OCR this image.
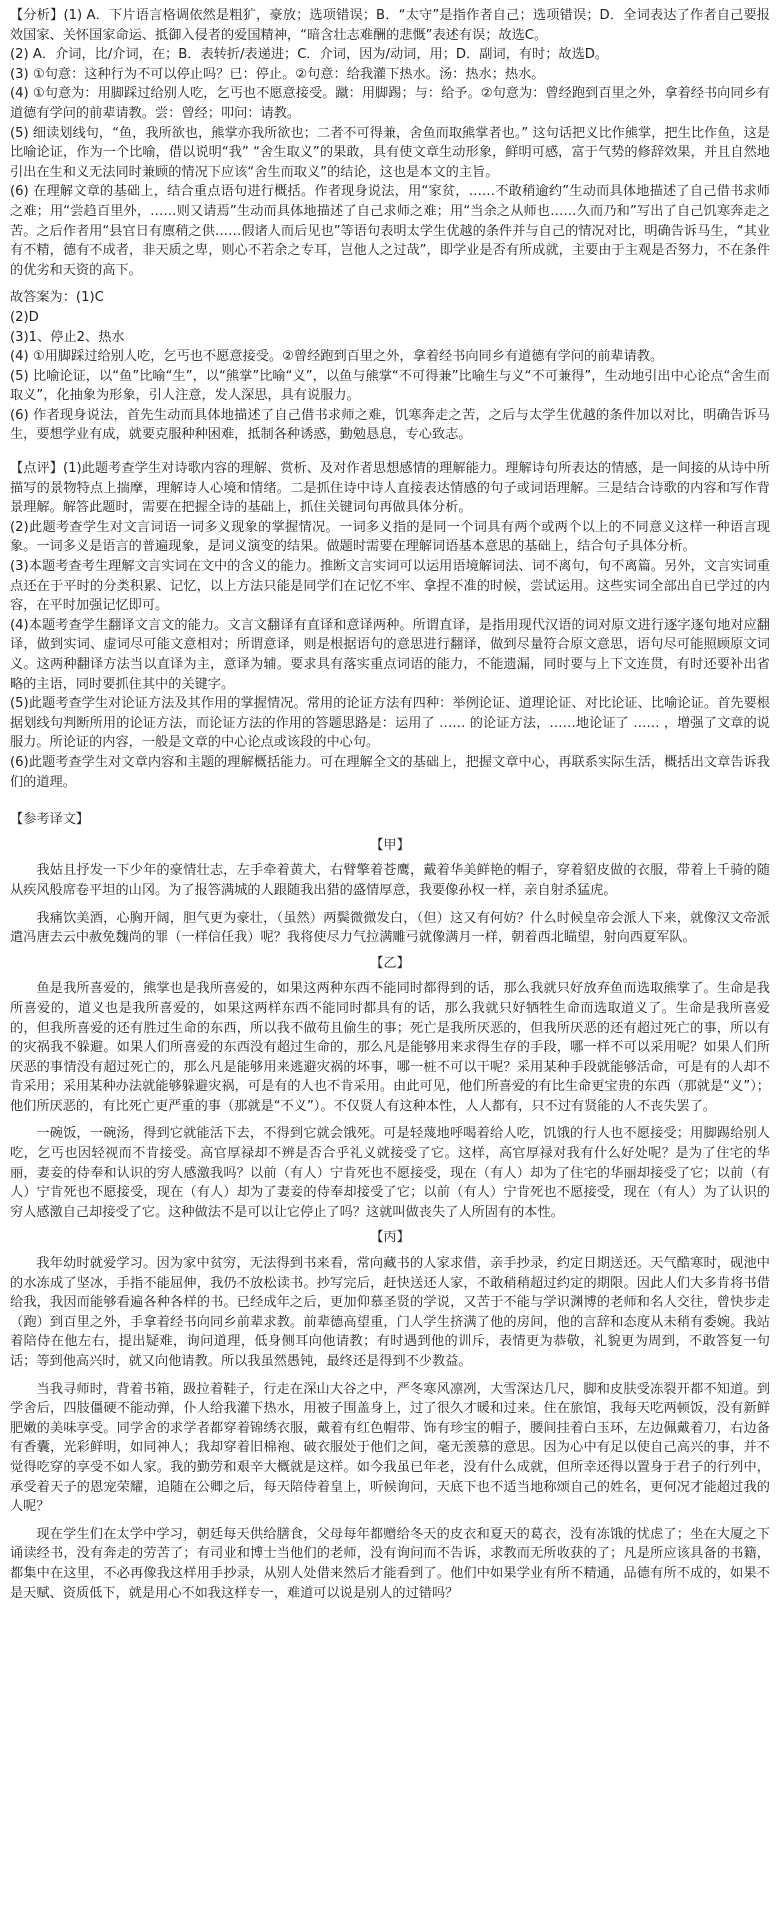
【分析】(1) A．下片语言格调依然是粗犷，豪放；选项错误；B．“太守”是指作者自己；选项错误；D．全词表达了作者自己要报效国家、关怀国家命运、抵御入侵者的爱国精神，“暗含壮志难酬的悲慨”表述有误；故选C。

(2) A．介词，比/介词，在；B．表转折/表递进；C．介词，因为/动词，用；D．副词，有时；故选D。

(3) ①句意：这种行为不可以停止吗？已：停止。②句意：给我灌下热水。汤：热水；热水。

(4) ①句意为：用脚踩过给别人吃，乞丐也不愿意接受。蹴：用脚踢；与：给予。②句意为：曾经跑到百里之外，拿着经书向同乡有道德有学问的前辈请教。尝：曾经；叩问：请教。

(5) 细读划线句，“鱼，我所欲也，熊掌亦我所欲也；二者不可得兼，舍鱼而取熊掌者也。” 这句话把义比作熊掌，把生比作鱼，这是比喻论证，作为一个比喻，借以说明“我” “舍生取义”的果敢，具有使文章生动形象，鲜明可感，富于气势的修辞效果，并且自然地引出在生和义无法同时兼顾的情况下应该“舍生而取义”的结论，这也是本文的主旨。

(6) 在理解文章的基础上，结合重点语句进行概括。作者现身说法，用“家贫，……不敢稍逾约”生动而具体地描述了自己借书求师之难；用“尝趋百里外，……则又请焉”生动而具体地描述了自己求师之难；用“当余之从师也……久而乃和”写出了自己饥寒奔走之苦。之后作者用“县官日有廪稍之供……假诸人而后见也”等语句表明太学生优越的条件并与自己的情况对比，明确告诉马生，“其业有不精，德有不成者，非天质之卑，则心不若余之专耳，岂他人之过哉”，即学业是否有所成就，主要由于主观是否努力，不在条件的优劣和天资的高下。

故答案为：(1)C

(2)D

(3)1、停止2、热水

(4) ①用脚踩过给别人吃，乞丐也不愿意接受。②曾经跑到百里之外，拿着经书向同乡有道德有学问的前辈请教。

(5) 比喻论证，以“鱼”比喻“生”，以“熊掌”比喻“义”，以鱼与熊掌“不可得兼”比喻生与义“不可兼得”，生动地引出中心论点“舍生而取义”，化抽象为形象，引人注意，发人深思，具有说服力。

(6) 作者现身说法，首先生动而具体地描述了自己借书求师之难，饥寒奔走之苦，之后与太学生优越的条件加以对比，明确告诉马生，要想学业有成，就要克服种种困难，抵制各种诱惑，勤勉恳息，专心致志。

【点评】(1)此题考查学生对诗歌内容的理解、赏析、及对作者思想感情的理解能力。理解诗句所表达的情感，是一间接的从诗中所描写的景物特点上揣摩，理解诗人心境和情绪。二是抓住诗中诗人直接表达情感的句子或词语理解。三是结合诗歌的内容和写作背景理解。解答此题时，需要在把握全诗的基础上，抓住关键词句再做具体分析。

(2)此题考查学生对文言词语一词多义现象的掌握情况。一词多义指的是同一个词具有两个或两个以上的不同意义这样一种语言现象。一词多义是语言的普遍现象，是词义演变的结果。做题时需要在理解词语基本意思的基础上，结合句子具体分析。

(3)本题考查考生理解文言实词在文中的含义的能力。推断文言实词可以运用语境解词法、词不离句，句不离篇。另外，文言实词重点还在于平时的分类积累、记忆，以上方法只能是同学们在记忆不牢、拿捏不准的时候，尝试运用。这些实词全部出自已学过的内容，在平时加强记忆即可。

(4)本题考查学生翻译文言文的能力。文言文翻译有直译和意译两种。所谓直译，是指用现代汉语的词对原文进行逐字逐句地对应翻译，做到实词、虚词尽可能文意相对；所谓意译，则是根据语句的意思进行翻译，做到尽量符合原文意思，语句尽可能照顾原文词义。这两种翻译方法当以直译为主，意译为辅。要求具有落实重点词语的能力，不能遗漏，同时要与上下文连贯，有时还要补出省略的主语，同时要抓住其中的关键字。

(5)此题考查学生对论证方法及其作用的掌握情况。常用的论证方法有四种：举例论证、道理论证、对比论证、比喻论证。首先要根据划线句判断所用的论证方法，而论证方法的作用的答题思路是：运用了 …… 的论证方法，……地论证了 …… ，增强了文章的说服力。所论证的内容，一般是文章的中心论点或该段的中心句。

(6)此题考查学生对文章内容和主题的理解概括能力。可在理解全文的基础上，把握文章中心，再联系实际生活，概括出文章告诉我们的道理。

【参考译文】

【甲】

我姑且抒发一下少年的豪情壮志，左手牵着黄犬，右臂擎着苍鹰，戴着华美鲜艳的帽子，穿着貂皮做的衣服，带着上千骑的随从疾风般席卷平坦的山冈。为了报答满城的人跟随我出猎的盛情厚意，我要像孙权一样，亲自射杀猛虎。

我痛饮美酒，心胸开阔，胆气更为豪壮，（虽然）两鬓微微发白，（但）这又有何妨？什么时候皇帝会派人下来，就像汉文帝派遣冯唐去云中赦免魏尚的罪（一样信任我）呢？我将使尽力气拉满雕弓就像满月一样，朝着西北瞄望，射向西夏军队。

【乙】

鱼是我所喜爱的，熊掌也是我所喜爱的，如果这两种东西不能同时都得到的话，那么我就只好放弃鱼而选取熊掌了。生命是我所喜爱的，道义也是我所喜爱的，如果这两样东西不能同时都具有的话，那么我就只好牺牲生命而选取道义了。生命是我所喜爱的，但我所喜爱的还有胜过生命的东西，所以我不做苟且偷生的事；死亡是我所厌恶的，但我所厌恶的还有超过死亡的事，所以有的灾祸我不躲避。如果人们所喜爱的东西没有超过生命的，那么凡是能够用来求得生存的手段，哪一样不可以采用呢？如果人们所厌恶的事情没有超过死亡的，那么凡是能够用来逃避灾祸的坏事，哪一桩不可以干呢？采用某种手段就能够活命，可是有的人却不肯采用；采用某种办法就能够躲避灾祸，可是有的人也不肯采用。由此可见，他们所喜爱的有比生命更宝贵的东西（那就是“义”）；他们所厌恶的，有比死亡更严重的事（那就是“不义”）。不仅贤人有这种本性，人人都有，只不过有贤能的人不丧失罢了。

一碗饭，一碗汤，得到它就能活下去，不得到它就会饿死。可是轻蔑地呼喝着给人吃，饥饿的行人也不愿接受；用脚踢给别人吃，乞丐也因轻视而不肯接受。高官厚禄却不辨是否合乎礼义就接受了它。这样，高官厚禄对我有什么好处呢？是为了住宅的华丽，妻妾的侍奉和认识的穷人感激我吗？以前（有人）宁肯死也不愿接受，现在（有人）却为了住宅的华丽却接受了它；以前（有人）宁肯死也不愿接受，现在（有人）却为了妻妾的侍奉却接受了它；以前（有人）宁肯死也不愿接受，现在（有人）为了认识的穷人感激自己却接受了它。这种做法不是可以让它停止了吗？这就叫做丧失了人所固有的本性。

【丙】

我年幼时就爱学习。因为家中贫穷，无法得到书来看，常向藏书的人家求借，亲手抄录，约定日期送还。天气酷寒时，砚池中的水冻成了坚冰，手指不能屈伸，我仍不放松读书。抄写完后，赶快送还人家，不敢稍稍超过约定的期限。因此人们大多肯将书借给我，我因而能够看遍各种各样的书。已经成年之后，更加仰慕圣贤的学说，又苦于不能与学识渊博的老师和名人交往，曾快步走（跑）到百里之外，手拿着经书向同乡前辈求教。前辈德高望重，门人学生挤满了他的房间，他的言辞和态度从未稍有委婉。我站着陪侍在他左右，提出疑难，询问道理，低身侧耳向他请教；有时遇到他的训斥，表情更为恭敬，礼貌更为周到，不敢答复一句话；等到他高兴时，就又向他请教。所以我虽然愚钝，最终还是得到不少教益。

当我寻师时，背着书箱，趿拉着鞋子，行走在深山大谷之中，严冬寒风凛冽，大雪深达几尺，脚和皮肤受冻裂开都不知道。到学舍后，四肢僵硬不能动弹，仆人给我灌下热水，用被子围盖身上，过了很久才暖和过来。住在旅馆，我每天吃两顿饭，没有新鲜肥嫩的美味享受。同学舍的求学者都穿着锦绣衣服，戴着有红色帽带、饰有珍宝的帽子，腰间挂着白玉环，左边佩戴着刀，右边备有香囊，光彩鲜明，如同神人；我却穿着旧棉袍、破衣服处于他们之间，毫无羡慕的意思。因为心中有足以使自己高兴的事，并不觉得吃穿的享受不如人家。我的勤劳和艰辛大概就是这样。如今我虽已年老，没有什么成就，但所幸还得以置身于君子的行列中，承受着天子的恩宠荣耀，追随在公卿之后，每天陪侍着皇上，听候询问，天底下也不适当地称颂自己的姓名，更何况才能超过我的人呢？

现在学生们在太学中学习，朝廷每天供给膳食，父母每年都赠给冬天的皮衣和夏天的葛衣，没有冻饿的忧虑了；坐在大厦之下诵读经书，没有奔走的劳苦了；有司业和博士当他们的老师，没有询问而不告诉，求教而无所收获的了；凡是所应该具备的书籍，都集中在这里，不必再像我这样用手抄录，从别人处借来然后才能看到了。他们中如果学业有所不精通，品德有所不成的，如果不是天赋、资质低下，就是用心不如我这样专一，难道可以说是别人的过错吗？
